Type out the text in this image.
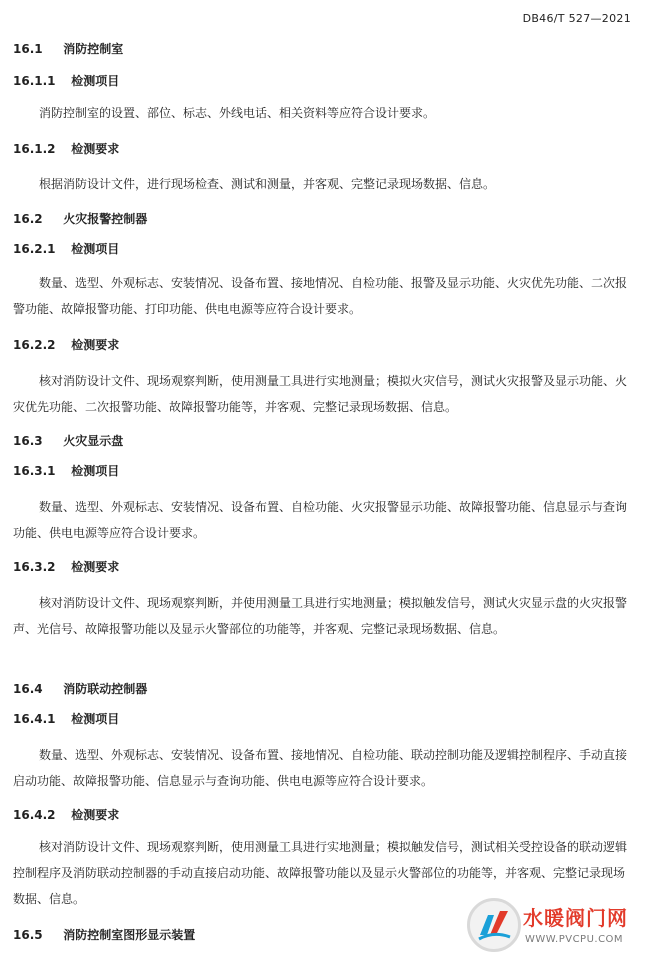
DB46/T 527—2021
16.1 消防控制室
16.1.1 检测项目
消防控制室的设置、部位、标志、外线电话、相关资料等应符合设计要求。
16.1.2 检测要求
根据消防设计文件，进行现场检查、测试和测量，并客观、完整记录现场数据、信息。
16.2 火灾报警控制器
16.2.1 检测项目
数量、选型、外观标志、安装情况、设备布置、接地情况、自检功能、报警及显示功能、火灾优先功能、二次报警功能、故障报警功能、打印功能、供电电源等应符合设计要求。
16.2.2 检测要求
核对消防设计文件、现场观察判断，使用测量工具进行实地测量；模拟火灾信号，测试火灾报警及显示功能、火灾优先功能、二次报警功能、故障报警功能等，并客观、完整记录现场数据、信息。
16.3 火灾显示盘
16.3.1 检测项目
数量、选型、外观标志、安装情况、设备布置、自检功能、火灾报警显示功能、故障报警功能、信息显示与查询功能、供电电源等应符合设计要求。
16.3.2 检测要求
核对消防设计文件、现场观察判断，并使用测量工具进行实地测量；模拟触发信号，测试火灾显示盘的火灾报警声、光信号、故障报警功能以及显示火警部位的功能等，并客观、完整记录现场数据、信息。
16.4 消防联动控制器
16.4.1 检测项目
数量、选型、外观标志、安装情况、设备布置、接地情况、自检功能、联动控制功能及逻辑控制程序、手动直接启动功能、故障报警功能、信息显示与查询功能、供电电源等应符合设计要求。
16.4.2 检测要求
核对消防设计文件、现场观察判断，使用测量工具进行实地测量；模拟触发信号，测试相关受控设备的联动逻辑控制程序及消防联动控制器的手动直接启动功能、故障报警功能以及显示火警部位的功能等，并客观、完整记录现场数据、信息。
16.5 消防控制室图形显示装置
水暖阀门网
WWW.PVCPU.COM
